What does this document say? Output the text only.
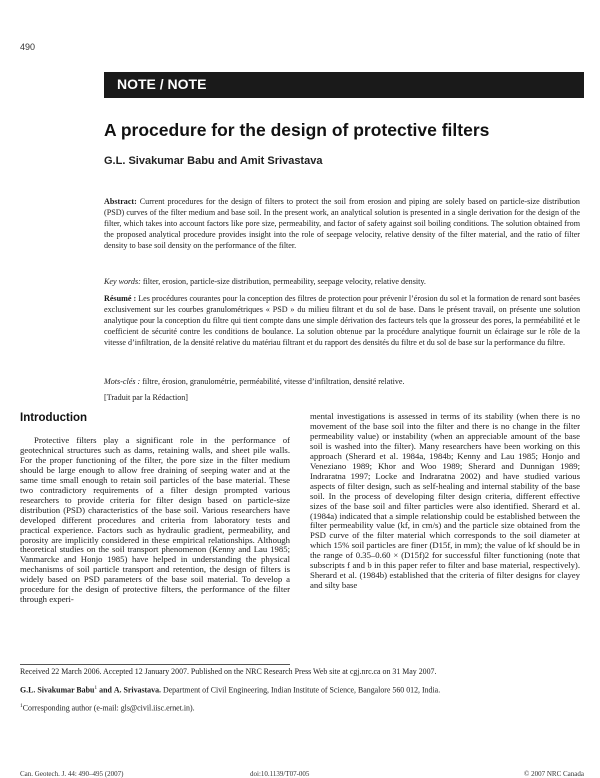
490
NOTE / NOTE
A procedure for the design of protective filters
G.L. Sivakumar Babu and Amit Srivastava
Abstract: Current procedures for the design of filters to protect the soil from erosion and piping are solely based on particle-size distribution (PSD) curves of the filter medium and base soil. In the present work, an analytical solution is presented in a single derivation for the design of the filter, which takes into account factors like pore size, permeability, and factor of safety against soil boiling conditions. The solution obtained from the proposed analytical procedure provides insight into the role of seepage velocity, relative density of the filter material, and the ratio of filter density to base soil density on the performance of the filter.
Key words: filter, erosion, particle-size distribution, permeability, seepage velocity, relative density.
Résumé : Les procédures courantes pour la conception des filtres de protection pour prévenir l’érosion du sol et la formation de renard sont basées exclusivement sur les courbes granulométriques « PSD » du milieu filtrant et du sol de base. Dans le présent travail, on présente une solution analytique pour la conception du filtre qui tient compte dans une simple dérivation des facteurs tels que la grosseur des pores, la perméabilité et le coefficient de sécurité contre les conditions de boulance. La solution obtenue par la procédure analytique fournit un éclairage sur le rôle de la vitesse d’infiltration, de la densité relative du matériau filtrant et du rapport des densités du filtre et du sol de base sur la performance du filtre.
Mots-clés : filtre, érosion, granulométrie, perméabilité, vitesse d’infiltration, densité relative.
[Traduit par la Rédaction]
Introduction
Protective filters play a significant role in the performance of geotechnical structures such as dams, retaining walls, and sheet pile walls. For the proper functioning of the filter, the pore size in the filter medium should be large enough to allow free draining of seeping water and at the same time small enough to retain soil particles of the base material. These two contradictory requirements of a filter design prompted various researchers to provide criteria for filter design based on particle-size distribution (PSD) characteristics of the base soil. Various researchers have developed different procedures and criteria from laboratory tests and practical experience. Factors such as hydraulic gradient, permeability, and porosity are implicitly considered in these empirical relationships. Although theoretical studies on the soil transport phenomenon (Kenny and Lau 1985; Vanmarcke and Honjo 1985) have helped in understanding the physical mechanisms of soil particle transport and retention, the design of filters is widely based on PSD parameters of the base soil material. To develop a procedure for the design of protective filters, the performance of the filter through experi-
mental investigations is assessed in terms of its stability (when there is no movement of the base soil into the filter and there is no change in the filter permeability value) or instability (when an appreciable amount of the base soil is washed into the filter). Many researchers have been working on this approach (Sherard et al. 1984a, 1984b; Kenny and Lau 1985; Honjo and Veneziano 1989; Khor and Woo 1989; Sherard and Dunnigan 1989; Indraratna 1997; Locke and Indraratna 2002) and have studied various aspects of filter design, such as self-healing and internal stability of the base soil. In the process of developing filter design criteria, different effective sizes of the base soil and filter particles were also identified. Sherard et al. (1984a) indicated that a simple relationship could be established between the filter permeability value (kf, in cm/s) and the particle size obtained from the PSD curve of the filter material which corresponds to the soil diameter at which 15% soil particles are finer (D15f, in mm); the value of kf should be in the range of 0.35–0.60 × (D15f)2 for successful filter functioning (note that subscripts f and b in this paper refer to filter and base material, respectively). Sherard et al. (1984b) established that the criteria of filter designs for clayey and silty base

Received 22 March 2006. Accepted 12 January 2007. Published on the NRC Research Press Web site at cgj.nrc.ca on 31 May 2007.

G.L. Sivakumar Babu$^1$ and A. Srivastava. Department of Civil Engineering, Indian Institute of Science, Bangalore 560 012, India.

$^1$Corresponding author (e-mail: gls@civil.iisc.ernet.in).

Can. Geotech. J. 44: 490–495 (2007)	doi:10.1139/T07-005	© 2007 NRC Canada
